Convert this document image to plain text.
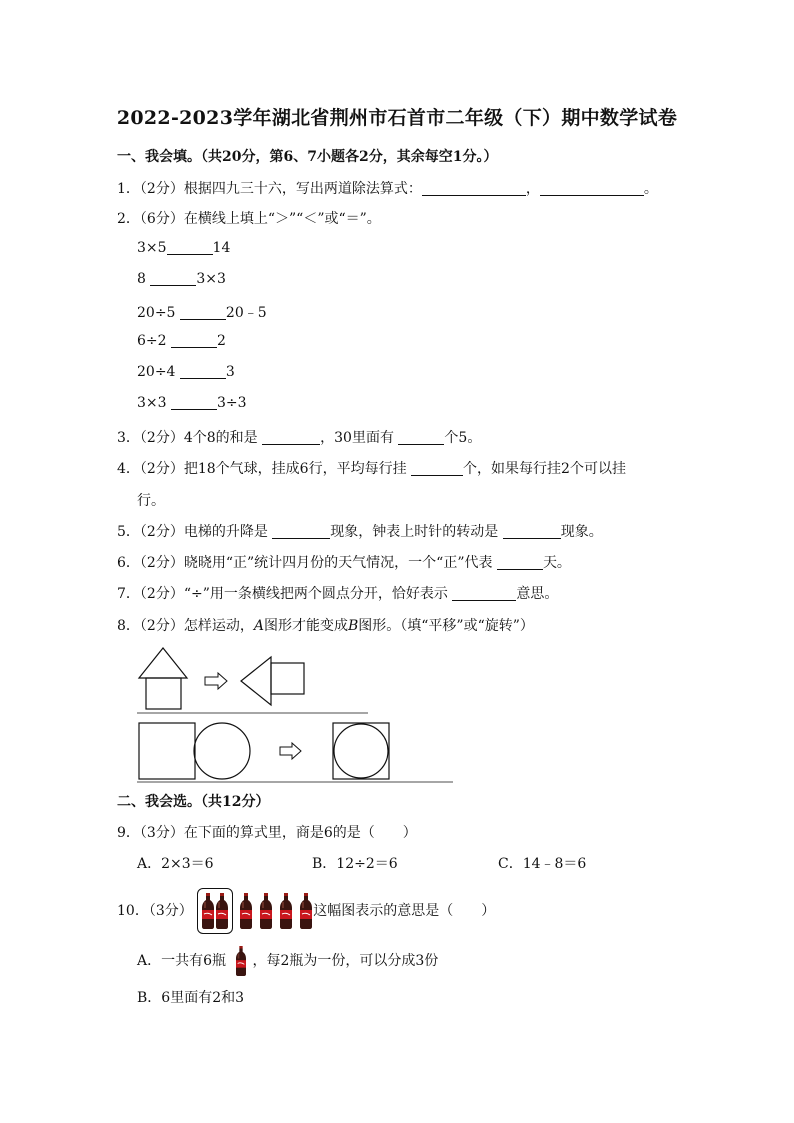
2022-2023学年湖北省荆州市石首市二年级（下）期中数学试卷
一、我会填。（共20分，第6、7小题各2分，其余每空1分。）
1．（2分）根据四九三十六，写出两道除法算式：	，	。
2．（6分）在横线上填上“＞”“＜”或“＝”。
3×5	14
8	3×3
20÷5	20﹣5
6÷2	2
20÷4	3
3×3	3÷3
3．（2分）4个8的和是	，30里面有	个5。
4．（2分）把18个气球，挂成6行，平均每行挂	个，如果每行挂2个可以挂
行。
5．（2分）电梯的升降是	现象，钟表上时针的转动是	现象。
6．（2分）晓晓用“正”统计四月份的天气情况，一个“正”代表	天。
7．（2分）“÷”用一条横线把两个圆点分开，恰好表示	意思。
8．（2分）怎样运动，A图形才能变成B图形。（填“平移”或“旋转”）
二、我会选。（共12分）
9．（3分）在下面的算式里，商是6的是（　　）
A．2×3＝6	B．12÷2＝6	C．14﹣8＝6
10．（3分）	这幅图表示的意思是（　　）
A．一共有6瓶 ，每2瓶为一份，可以分成3份
B．6里面有2和3
